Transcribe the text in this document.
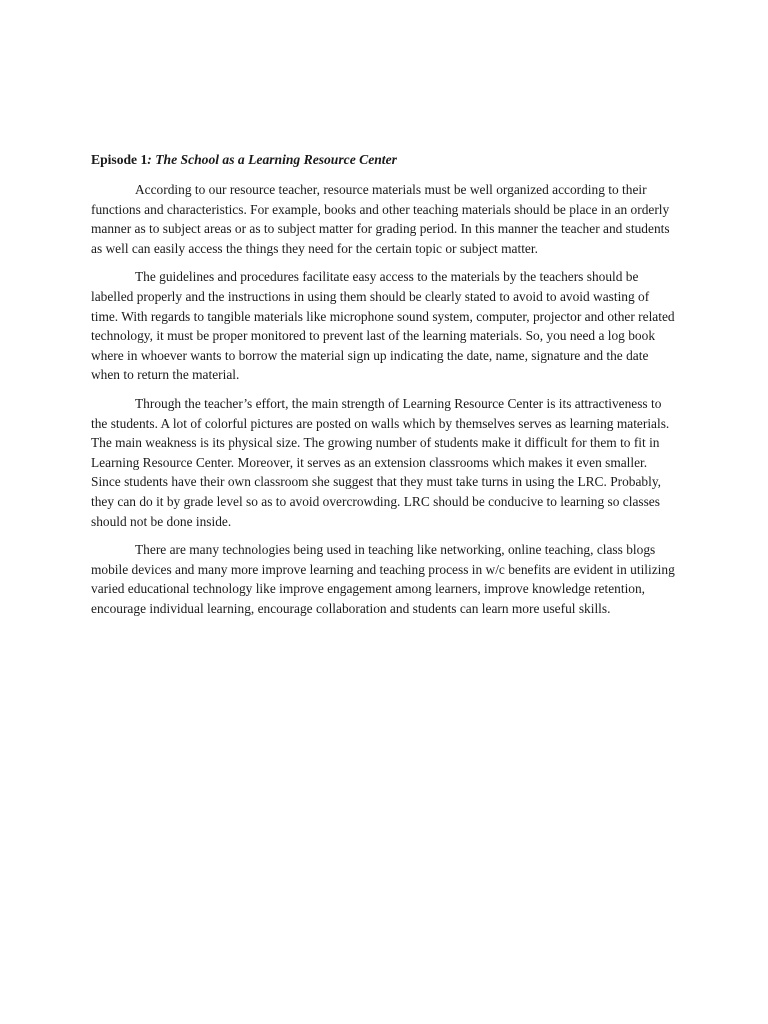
Episode 1: The School as a Learning Resource Center

According to our resource teacher, resource materials must be well organized according to their functions and characteristics. For example, books and other teaching materials should be place in an orderly manner as to subject areas or as to subject matter for grading period. In this manner the teacher and students as well can easily access the things they need for the certain topic or subject matter.

The guidelines and procedures facilitate easy access to the materials by the teachers should be labelled properly and the instructions in using them should be clearly stated to avoid to avoid wasting of time. With regards to tangible materials like microphone sound system, computer, projector and other related technology, it must be proper monitored to prevent last of the learning materials. So, you need a log book where in whoever wants to borrow the material sign up indicating the date, name, signature and the date when to return the material.

Through the teacher’s effort, the main strength of Learning Resource Center is its attractiveness to the students. A lot of colorful pictures are posted on walls which by themselves serves as learning materials. The main weakness is its physical size. The growing number of students make it difficult for them to fit in Learning Resource Center. Moreover, it serves as an extension classrooms which makes it even smaller. Since students have their own classroom she suggest that they must take turns in using the LRC. Probably, they can do it by grade level so as to avoid overcrowding. LRC should be conducive to learning so classes should not be done inside.

There are many technologies being used in teaching like networking, online teaching, class blogs mobile devices and many more improve learning and teaching process in w/c benefits are evident in utilizing varied educational technology like improve engagement among learners, improve knowledge retention, encourage individual learning, encourage collaboration and students can learn more useful skills.
